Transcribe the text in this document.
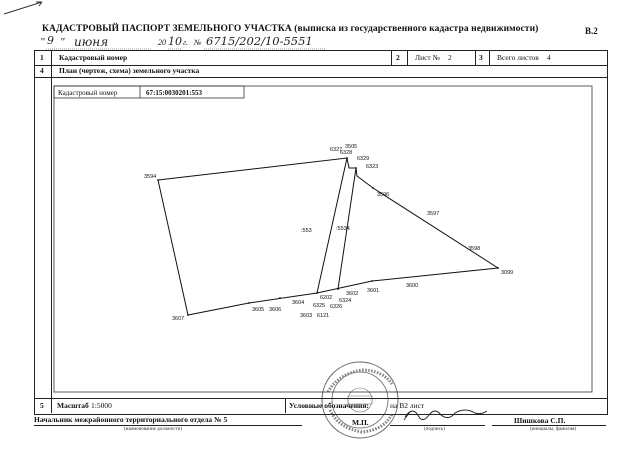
КАДАСТРОВЫЙ ПАСПОРТ ЗЕМЕЛЬНОГО УЧАСТКА (выписка из государственного кадастра недвижимости)	В.2
" 9 " июня	20 10 г. № 6715/202/10-5551
1 Кадастровый номер	2 Лист № 2	3 Всего листов 4
4 План (чертеж, схема) земельного участка
5 Масштаб 1:5000	Условные обозначения:	на В2 лист
3594
6327 3505
6328
6329
6323
3596
3597
3598
3099
3600
3601
3602
6324
6202
6325 6326
3603 6121
3604
3605 3606
3607
:553	:5534
Кадастровый номер	67:15:0030201:553
Начальник межрайонного территориального отдела № 5
(наименование должности)
М.П.
(подпись)
Шишкова С.П.
(инициалы, фамилия)
